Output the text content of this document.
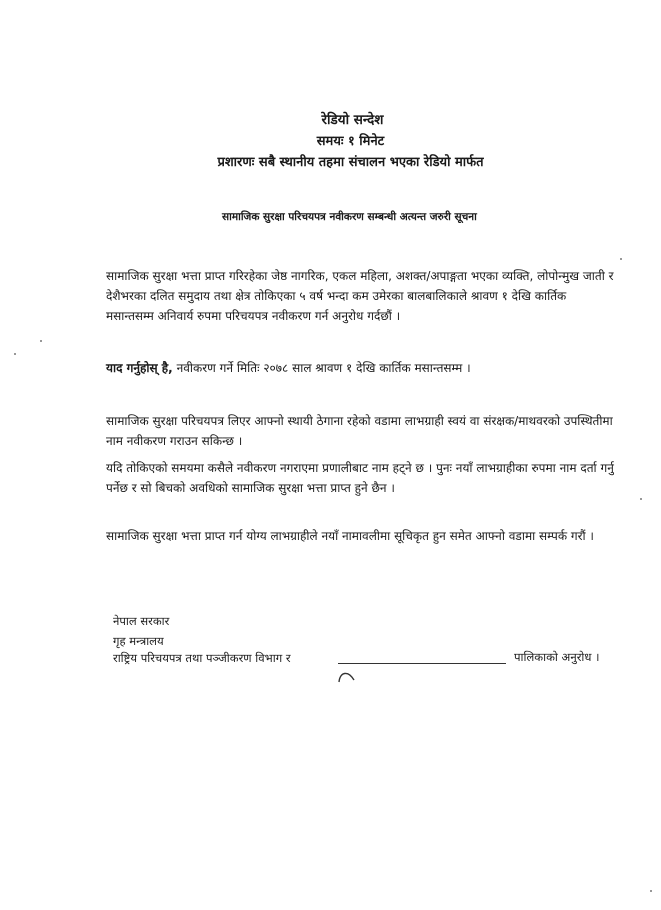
रेडियो सन्देश
समयः १ मिनेट
प्रशारणः सबै स्थानीय तहमा संचालन भएका रेडियो मार्फत
सामाजिक सुरक्षा परिचयपत्र नवीकरण सम्बन्धी अत्यन्त जरुरी सूचना
सामाजिक सुरक्षा भत्ता प्राप्त गरिरहेका जेष्ठ नागरिक, एकल महिला, अशक्त/अपाङ्गता भएका व्यक्ति, लोपोन्मुख जाती र देशैभरका दलित समुदाय तथा क्षेत्र तोकिएका ५ वर्ष भन्दा कम उमेरका बालबालिकाले श्रावण १ देखि कार्तिक मसान्तसम्म अनिवार्य रुपमा परिचयपत्र नवीकरण गर्न अनुरोध गर्दछौं ।
याद गर्नुहोस् है, नवीकरण गर्ने मितिः २०७८ साल श्रावण १ देखि कार्तिक मसान्तसम्म ।
सामाजिक सुरक्षा परिचयपत्र लिएर आफ्नो स्थायी ठेगाना रहेको वडामा लाभग्राही स्वयं वा संरक्षक/माथवरको उपस्थितीमा नाम नवीकरण गराउन सकिन्छ ।
यदि तोकिएको समयमा कसैले नवीकरण नगराएमा प्रणालीबाट नाम हट्ने छ । पुनः नयाँ लाभग्राहीका रुपमा नाम दर्ता गर्नु पर्नेछ र सो बिचको अवधिको सामाजिक सुरक्षा भत्ता प्राप्त हुने छैन ।
सामाजिक सुरक्षा भत्ता प्राप्त गर्न योग्य लाभग्राहीले नयाँ नामावलीमा सूचिकृत हुन समेत आफ्नो वडामा सम्पर्क गरौं ।
नेपाल सरकार
गृह मन्त्रालय
राष्ट्रिय परिचयपत्र तथा पञ्जीकरण विभाग र	पालिकाको अनुरोध ।
